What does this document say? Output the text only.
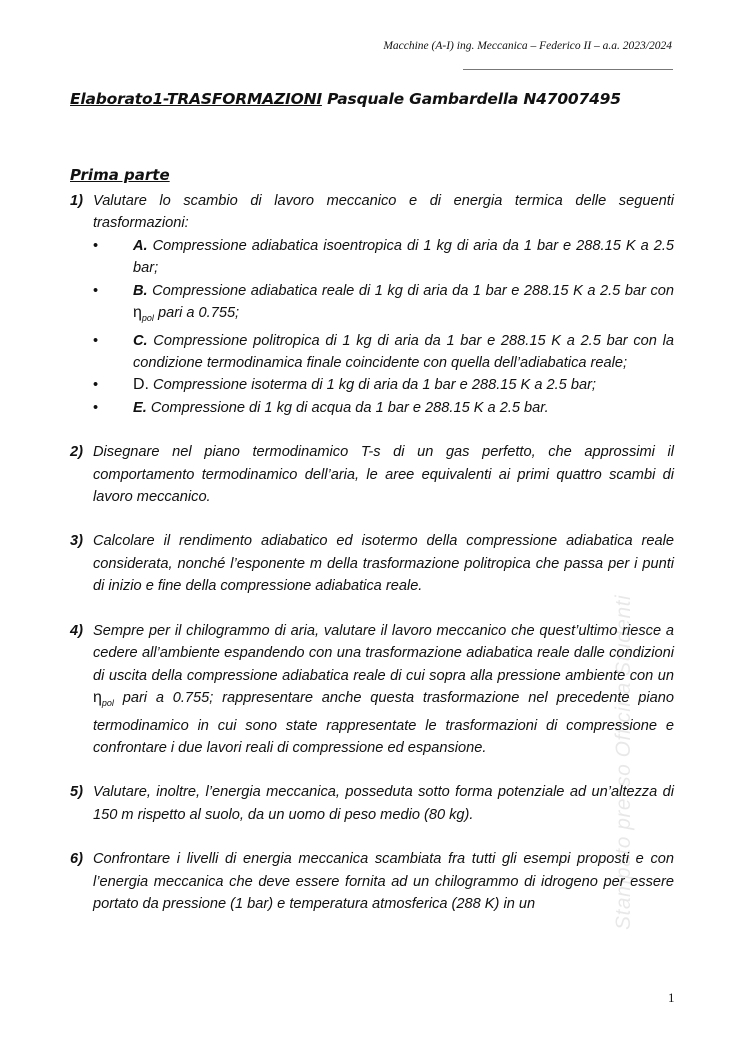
Macchine (A-I) ing. Meccanica – Federico II – a.a. 2023/2024
Elaborato1-TRASFORMAZIONI Pasquale Gambardella N47007495
Prima parte
1) Valutare lo scambio di lavoro meccanico e di energia termica delle seguenti trasformazioni:
• A. Compressione adiabatica isoentropica di 1 kg di aria da 1 bar e 288.15 K a 2.5 bar;
• B. Compressione adiabatica reale di 1 kg di aria da 1 bar e 288.15 K a 2.5 bar con $\eta_{pol}$ pari a 0.755;
• C. Compressione politropica di 1 kg di aria da 1 bar e 288.15 K a 2.5 bar con la condizione termodinamica finale coincidente con quella dell’adiabatica reale;
• D. Compressione isoterma di 1 kg di aria da 1 bar e 288.15 K a 2.5 bar;
• E. Compressione di 1 kg di acqua da 1 bar e 288.15 K a 2.5 bar.
2) Disegnare nel piano termodinamico T-s di un gas perfetto, che approssimi il comportamento termodinamico dell’aria, le aree equivalenti ai primi quattro scambi di lavoro meccanico.
3) Calcolare il rendimento adiabatico ed isotermo della compressione adiabatica reale considerata, nonché l’esponente m della trasformazione politropica che passa per i punti di inizio e fine della compressione adiabatica reale.
4) Sempre per il chilogrammo di aria, valutare il lavoro meccanico che quest’ultimo riesce a cedere all’ambiente espandendo con una trasformazione adiabatica reale dalle condizioni di uscita della compressione adiabatica reale di cui sopra alla pressione ambiente con un $\eta_{pol}$ pari a 0.755; rappresentare anche questa trasformazione nel precedente piano termodinamico in cui sono state rappresentate le trasformazioni di compressione e confrontare i due lavori reali di compressione ed espansione.
5) Valutare, inoltre, l’energia meccanica, posseduta sotto forma potenziale ad un’altezza di 150 m rispetto al suolo, da un uomo di peso medio (80 kg).
6) Confrontare i livelli di energia meccanica scambiata fra tutti gli esempi proposti e con l’energia meccanica che deve essere fornita ad un chilogrammo di idrogeno per essere portato da pressione (1 bar) e temperatura atmosferica (288 K) in un	Stampato presso Officina Studenti
1
